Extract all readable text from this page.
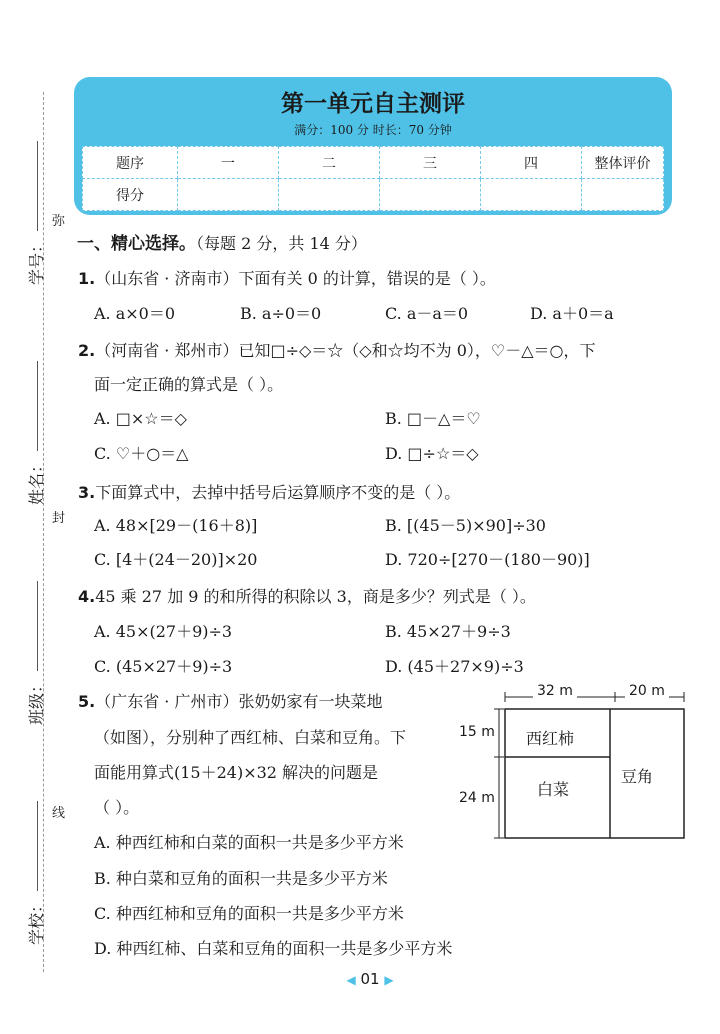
学号：
姓名：
班级：
学校：
弥
封
线
第一单元自主测评
满分：100 分 时长：70 分钟
题序	一	二	三	四	整体评价
得分					
一、精心选择。（每题 2 分，共 14 分）
1.（山东省 · 济南市）下面有关 0 的计算，错误的是（ ）。
A. a×0＝0	B. a÷0＝0	C. a－a＝0	D. a＋0＝a
2.（河南省 · 郑州市）已知□÷◇＝☆（◇和☆均不为 0），♡－△＝○，下
面一定正确的算式是（ ）。
A. □×☆＝◇	B. □－△＝♡
C. ♡＋○＝△	D. □÷☆＝◇
3.下面算式中，去掉中括号后运算顺序不变的是（ ）。
A. 48×[29－(16＋8)]	B. [(45－5)×90]÷30
C. [4＋(24－20)]×20	D. 720÷[270－(180－90)]
4.45 乘 27 加 9 的和所得的积除以 3，商是多少？列式是（ ）。
A. 45×(27＋9)÷3	B. 45×27＋9÷3
C. (45×27＋9)÷3	D. (45＋27×9)÷3
5.（广东省 · 广州市）张奶奶家有一块菜地
（如图），分别种了西红柿、白菜和豆角。下
面能用算式(15＋24)×32 解决的问题是
（ ）。
A. 种西红柿和白菜的面积一共是多少平方米
B. 种白菜和豆角的面积一共是多少平方米
C. 种西红柿和豆角的面积一共是多少平方米
D. 种西红柿、白菜和豆角的面积一共是多少平方米
32 m	20 m
15 m
24 m
西红柿
白菜
豆角
◀ 01 ▶
